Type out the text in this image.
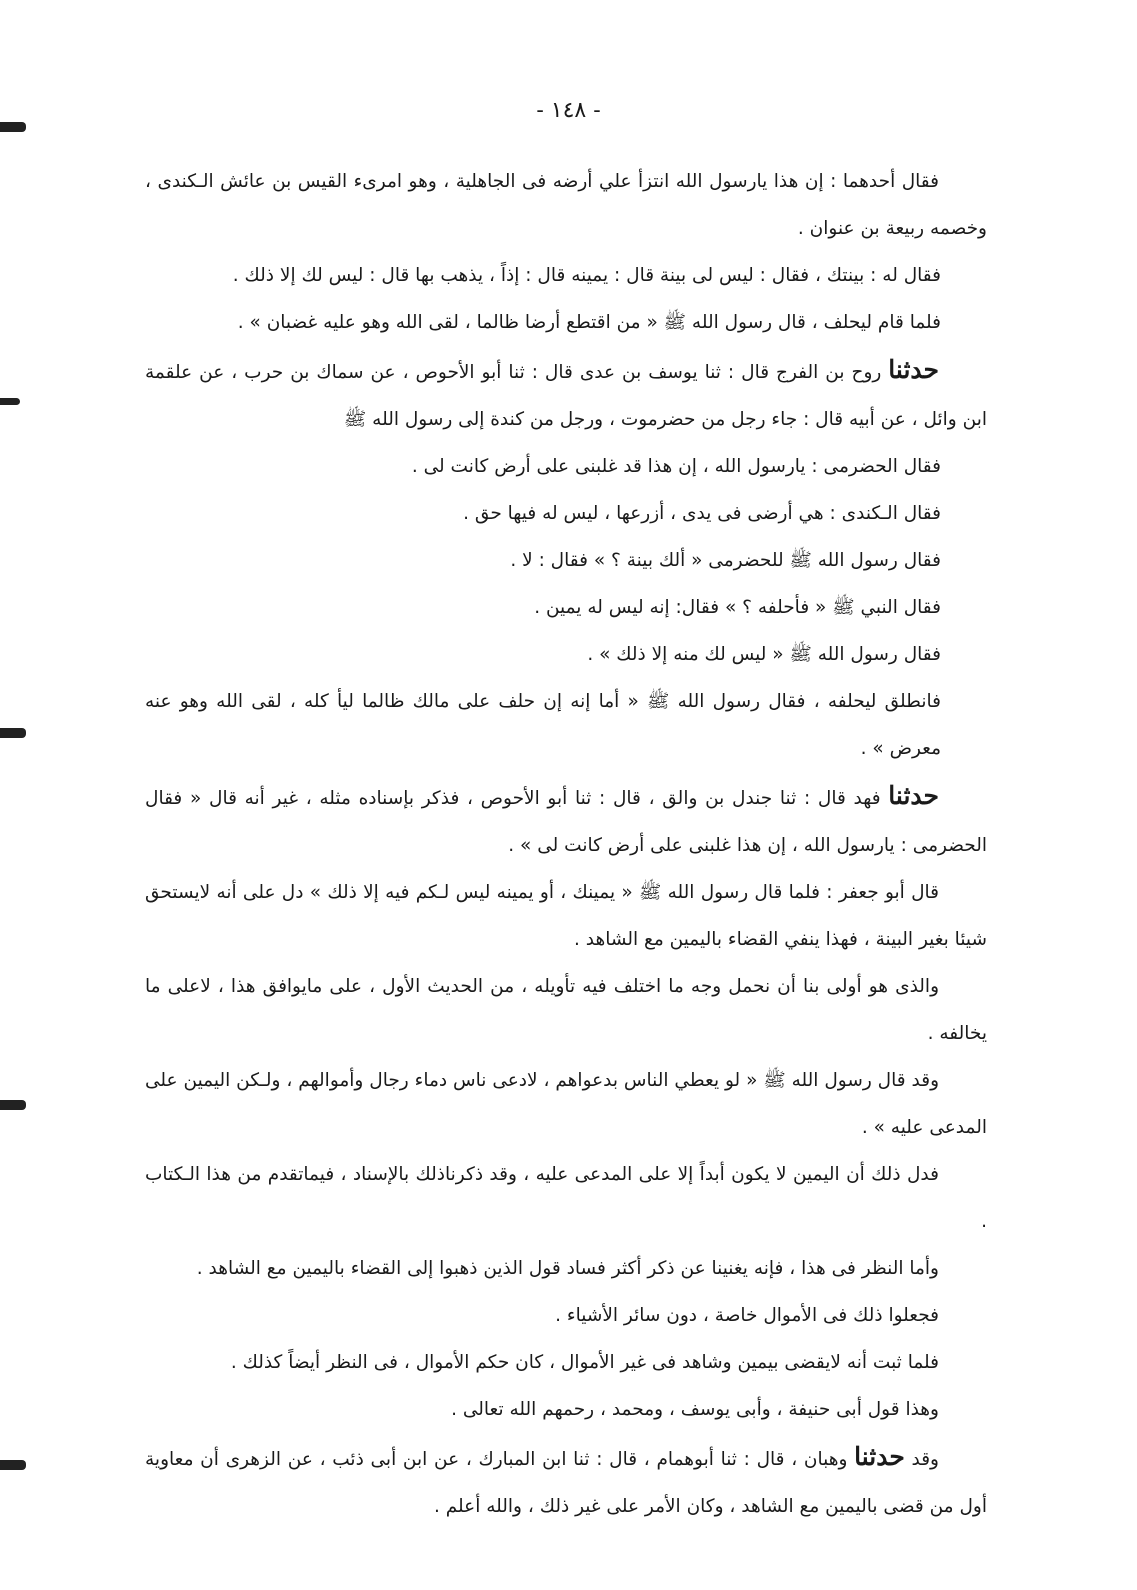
- ١٤٨ -

فقال أحدهما : إن هذا يارسول الله انتزأ علي أرضه فى الجاهلية ، وهو امرىء القيس بن عائش الـكندى ، وخصمه ربيعة بن عنوان .

فقال له : بينتك ، فقال : ليس لى بينة قال : يمينه قال : إذاً ، يذهب بها قال : ليس لك إلا ذلك .

فلما قام ليحلف ، قال رسول الله ﷺ « من اقتطع أرضا ظالما ، لقى الله وهو عليه غضبان » .

حدثنا روح بن الفرج قال : ثنا يوسف بن عدى قال : ثنا أبو الأحوص ، عن سماك بن حرب ، عن علقمة ابن وائل ، عن أبيه قال : جاء رجل من حضرموت ، ورجل من كندة إلى رسول الله ﷺ

فقال الحضرمى : يارسول الله ، إن هذا قد غلبنى على أرض كانت لى .

فقال الـكندى : هي أرضى فى يدى ، أزرعها ، ليس له فيها حق .

فقال رسول الله ﷺ للحضرمى « ألك بينة ؟ » فقال : لا .

فقال النبي ﷺ « فأحلفه ؟ » فقال: إنه ليس له يمين .

فقال رسول الله ﷺ « ليس لك منه إلا ذلك » .

فانطلق ليحلفه ، فقال رسول الله ﷺ « أما إنه إن حلف على مالك ظالما ليأ كله ، لقى الله وهو عنه معرض » .

حدثنا فهد قال : ثنا جندل بن والق ، قال : ثنا أبو الأحوص ، فذكر بإسناده مثله ، غير أنه قال « فقال الحضرمى : يارسول الله ، إن هذا غلبنى على أرض كانت لى » .

قال أبو جعفر : فلما قال رسول الله ﷺ « يمينك ، أو يمينه ليس لـكم فيه إلا ذلك » دل على أنه لايستحق شيئا بغير البينة ، فهذا ينفي القضاء باليمين مع الشاهد .

والذى هو أولى بنا أن نحمل وجه ما اختلف فيه تأويله ، من الحديث الأول ، على مايوافق هذا ، لاعلى ما يخالفه .

وقد قال رسول الله ﷺ « لو يعطي الناس بدعواهم ، لادعى ناس دماء رجال وأموالهم ، ولـكن اليمين على المدعى عليه » .

فدل ذلك أن اليمين لا يكون أبداً إلا على المدعى عليه ، وقد ذكرناذلك بالإسناد ، فيماتقدم من هذا الـكتاب .

وأما النظر فى هذا ، فإنه يغنينا عن ذكر أكثر فساد قول الذين ذهبوا إلى القضاء باليمين مع الشاهد .

فجعلوا ذلك فى الأموال خاصة ، دون سائر الأشياء .

فلما ثبت أنه لايقضى بيمين وشاهد فى غير الأموال ، كان حكم الأموال ، فى النظر أيضاً كذلك .

وهذا قول أبى حنيفة ، وأبى يوسف ، ومحمد ، رحمهم الله تعالى .

وقد حدثنا وهبان ، قال : ثنا أبوهمام ، قال : ثنا ابن المبارك ، عن ابن أبى ذئب ، عن الزهرى أن معاوية أول من قضى باليمين مع الشاهد ، وكان الأمر على غير ذلك ، والله أعلم .
